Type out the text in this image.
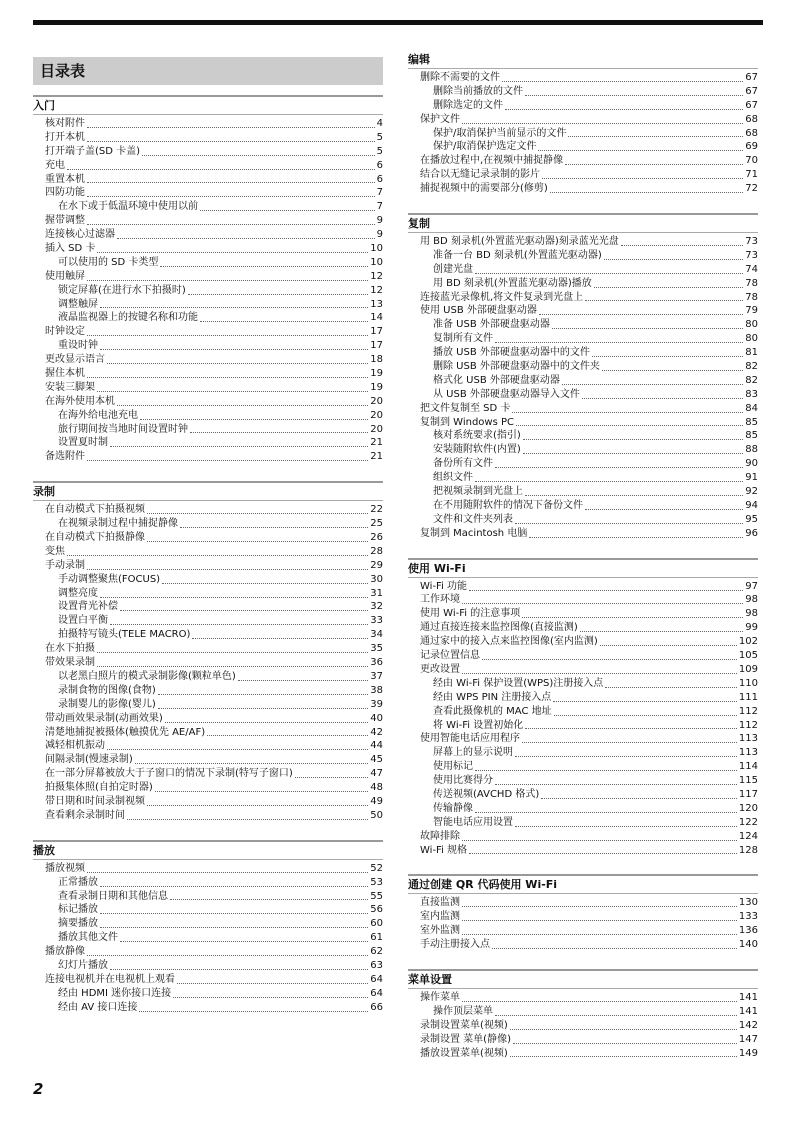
目录表
入门
核对附件	4
打开本机	5
打开端子盖(SD 卡盖)	5
充电	6
重置本机	6
四防功能	7
在水下或于低温环境中使用以前	7
握带调整	9
连接核心过滤器	9
插入 SD 卡	10
可以使用的 SD 卡类型	10
使用触屏	12
锁定屏幕(在进行水下拍摄时)	12
调整触屏	13
液晶监视器上的按键名称和功能	14
时钟设定	17
重设时钟	17
更改显示语言	18
握住本机	19
安装三脚架	19
在海外使用本机	20
在海外给电池充电	20
旅行期间按当地时间设置时钟	20
设置夏时制	21
备选附件	21
录制
在自动模式下拍摄视频	22
在视频录制过程中捕捉静像	25
在自动模式下拍摄静像	26
变焦	28
手动录制	29
手动调整聚焦(FOCUS)	30
调整亮度	31
设置背光补偿	32
设置白平衡	33
拍摄特写镜头(TELE MACRO)	34
在水下拍摄	35
带效果录制	36
以老黑白照片的模式录制影像(颗粒单色)	37
录制食物的图像(食物)	38
录制婴儿的影像(婴儿)	39
带动画效果录制(动画效果)	40
清楚地捕捉被摄体(触摸优先 AE/AF)	42
减轻相机振动	44
间隔录制(慢速录制)	45
在一部分屏幕被放大于子窗口的情况下录制(特写子窗口)	47
拍摄集体照(自拍定时器)	48
带日期和时间录制视频	49
查看剩余录制时间	50
播放
播放视频	52
正常播放	53
查看录制日期和其他信息	55
标记播放	56
摘要播放	60
播放其他文件	61
播放静像	62
幻灯片播放	63
连接电视机并在电视机上观看	64
经由 HDMI 迷你接口连接	64
经由 AV 接口连接	66
编辑
删除不需要的文件	67
删除当前播放的文件	67
删除选定的文件	67
保护文件	68
保护/取消保护当前显示的文件	68
保护/取消保护选定文件	69
在播放过程中,在视频中捕捉静像	70
结合以无缝记录录制的影片	71
捕捉视频中的需要部分(修剪)	72
复制
用 BD 刻录机(外置蓝光驱动器)刻录蓝光光盘	73
准备一台 BD 刻录机(外置蓝光驱动器)	73
创建光盘	74
用 BD 刻录机(外置蓝光驱动器)播放	78
连接蓝光录像机,将文件复录到光盘上	78
使用 USB 外部硬盘驱动器	79
准备 USB 外部硬盘驱动器	80
复制所有文件	80
播放 USB 外部硬盘驱动器中的文件	81
删除 USB 外部硬盘驱动器中的文件夹	82
格式化 USB 外部硬盘驱动器	82
从 USB 外部硬盘驱动器导入文件	83
把文件复制至 SD 卡	84
复制到 Windows PC	85
核对系统要求(指引)	85
安装随附软件(内置)	88
备份所有文件	90
组织文件	91
把视频录制到光盘上	92
在不用随附软件的情况下备份文件	94
文件和文件夹列表	95
复制到 Macintosh 电脑	96
使用 Wi-Fi
Wi-Fi 功能	97
工作环境	98
使用 Wi-Fi 的注意事项	98
通过直接连接来监控图像(直接监测)	99
通过家中的接入点来监控图像(室内监测)	102
记录位置信息	105
更改设置	109
经由 Wi-Fi 保护设置(WPS)注册接入点	110
经由 WPS PIN 注册接入点	111
查看此摄像机的 MAC 地址	112
将 Wi-Fi 设置初始化	112
使用智能电话应用程序	113
屏幕上的显示说明	113
使用标记	114
使用比赛得分	115
传送视频(AVCHD 格式)	117
传输静像	120
智能电话应用设置	122
故障排除	124
Wi-Fi 规格	128
通过创建 QR 代码使用 Wi-Fi
直接监测	130
室内监测	133
室外监测	136
手动注册接入点	140
菜单设置
操作菜单	141
操作顶层菜单	141
录制设置菜单(视频)	142
录制设置 菜单(静像)	147
播放设置菜单(视频)	149
2
